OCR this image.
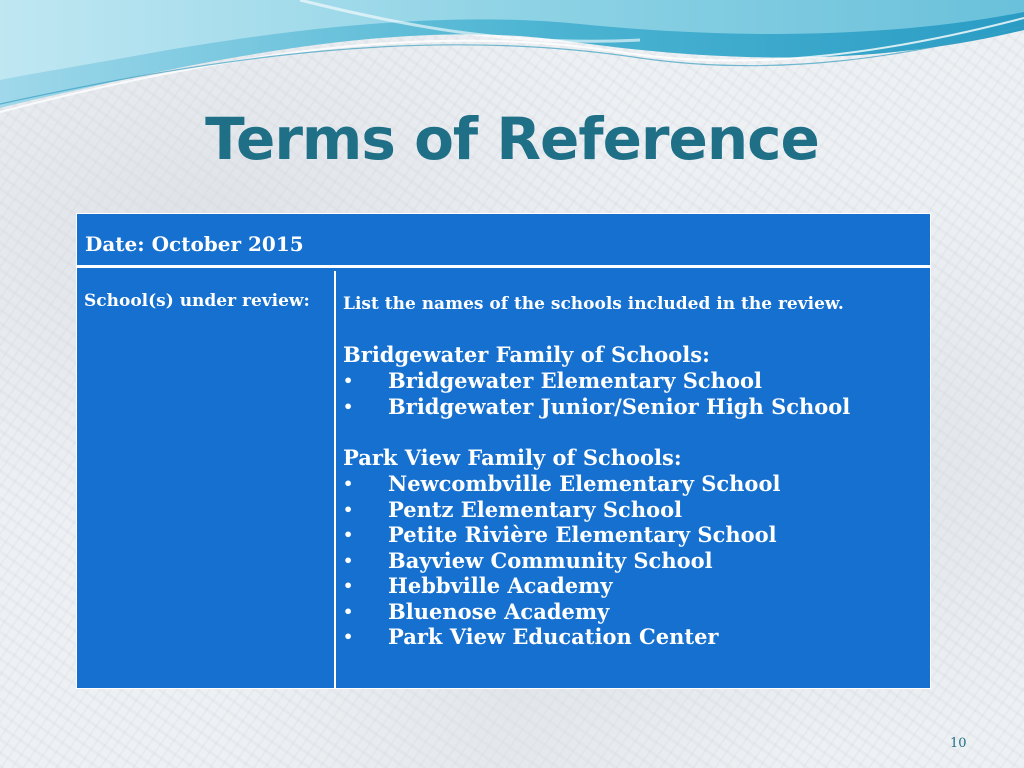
Terms of Reference
Date: October 2015
School(s) under review: List the names of the schools included in the review.

Bridgewater Family of Schools:
• Bridgewater Elementary School
• Bridgewater Junior/Senior High School
Park View Family of Schools:
• Newcombville Elementary School
• Pentz Elementary School
• Petite Rivière Elementary School
• Bayview Community School
• Hebbville Academy
• Bluenose Academy
• Park View Education Center
10
